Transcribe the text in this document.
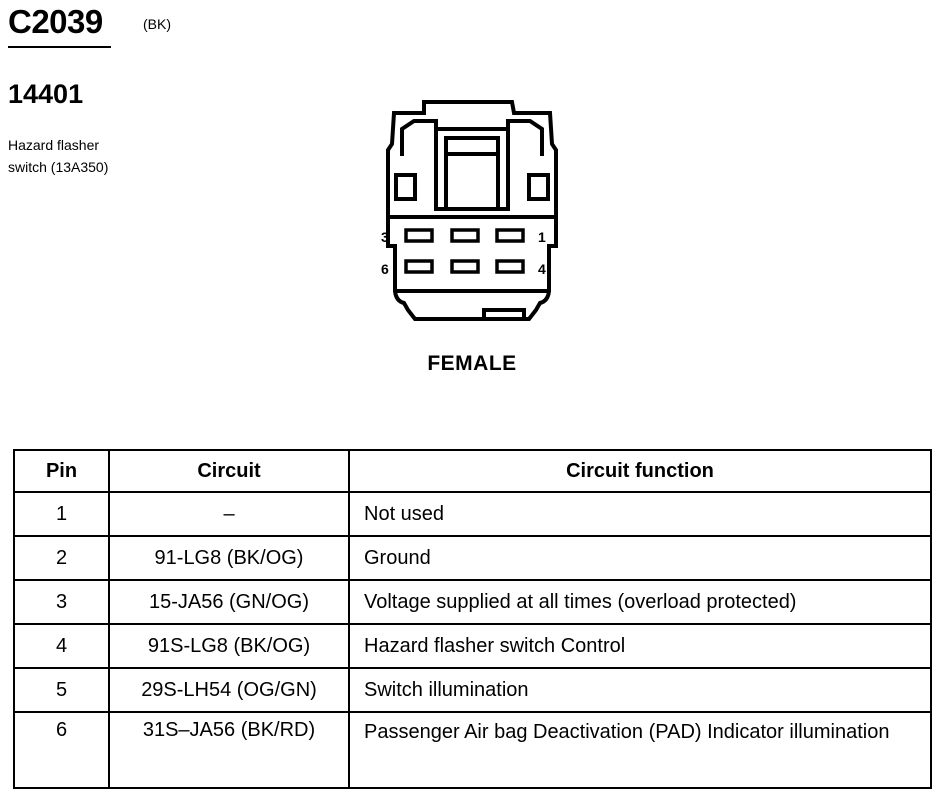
C2039	(BK)
14401
Hazard flasher
switch (13A350)
3	1
6	4
FEMALE
Pin	Circuit	Circuit function
1	–	Not used
2	91-LG8 (BK/OG)	Ground
3	15-JA56 (GN/OG)	Voltage supplied at all times (overload protected)
4	91S-LG8 (BK/OG)	Hazard flasher switch Control
5	29S-LH54 (OG/GN)	Switch illumination
6	31S–JA56 (BK/RD)	Passenger Air bag Deactivation (PAD) Indicator illumination
